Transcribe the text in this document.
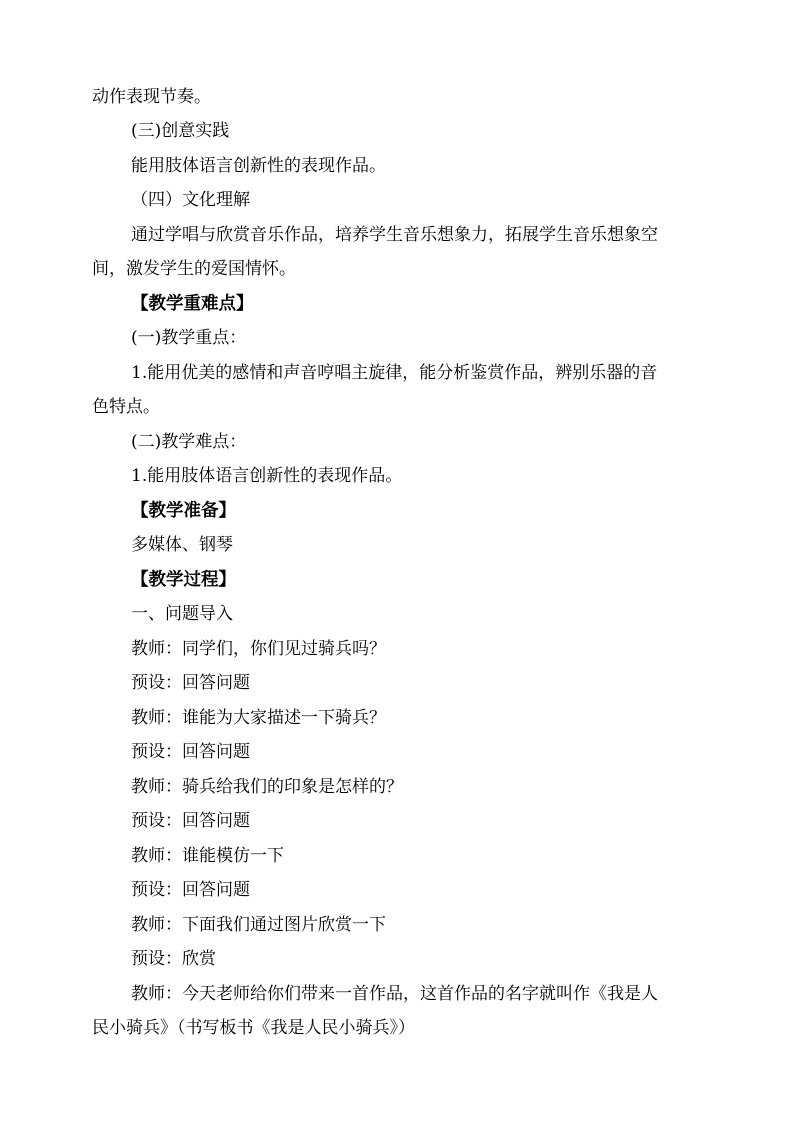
动作表现节奏。
(三)创意实践
能用肢体语言创新性的表现作品。
（四）文化理解
通过学唱与欣赏音乐作品，培养学生音乐想象力，拓展学生音乐想象空
间，激发学生的爱国情怀。
【教学重难点】
(一)教学重点：
1.能用优美的感情和声音哼唱主旋律，能分析鉴赏作品，辨别乐器的音
色特点。
(二)教学难点：
1.能用肢体语言创新性的表现作品。
【教学准备】
多媒体、钢琴
【教学过程】
一、问题导入
教师：同学们，你们见过骑兵吗？
预设：回答问题
教师：谁能为大家描述一下骑兵？
预设：回答问题
教师：骑兵给我们的印象是怎样的？
预设：回答问题
教师：谁能模仿一下
预设：回答问题
教师：下面我们通过图片欣赏一下
预设：欣赏
教师：今天老师给你们带来一首作品，这首作品的名字就叫作《我是人
民小骑兵》（书写板书《我是人民小骑兵》）
